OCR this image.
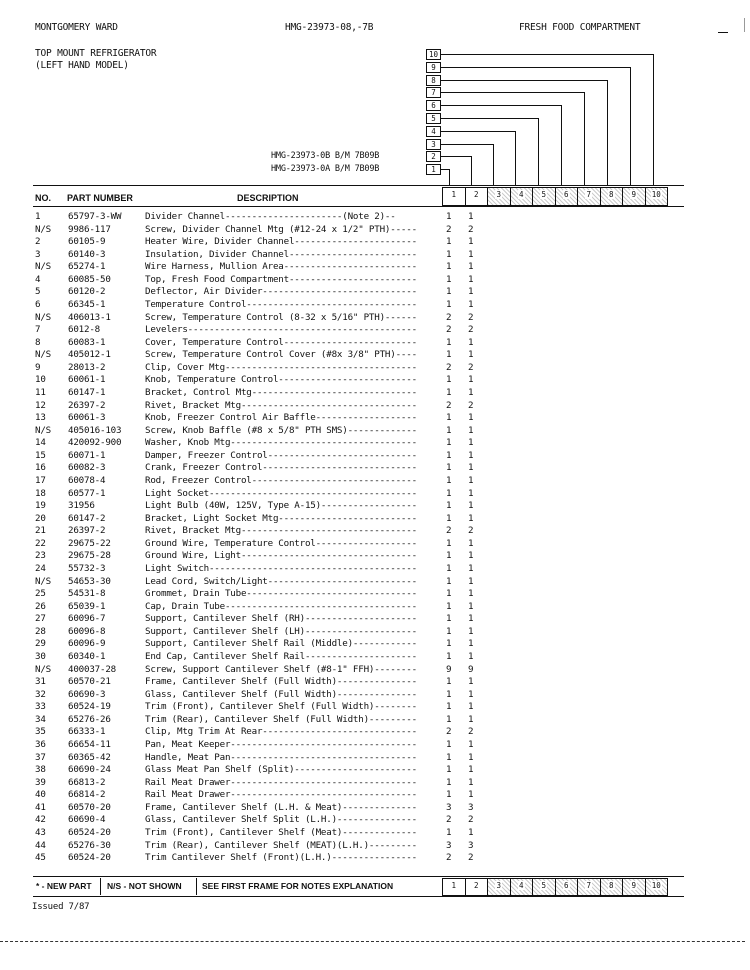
MONTGOMERY WARD	HMG-23973-08,-7B	FRESH FOOD COMPARTMENT
TOP MOUNT REFRIGERATOR
(LEFT HAND MODEL)
10
9
8
7
6
5
4
3
2
1
HMG-23973-0B B/M 7B09B
HMG-23973-0A B/M 7B09B
NO. PART NUMBER	DESCRIPTION	1	2	3	4	5	6	7	8	9	10
1	65797-3-WW	Divider Channel----------------------(Note 2)--	1	1
N/S	9986-117	Screw, Divider Channel Mtg (#12-24 x 1/2" PTH)-----	2	2
2	60105-9	Heater Wire, Divider Channel-----------------------	1	1
3	60140-3	Insulation, Divider Channel------------------------	1	1
N/S	65274-1	Wire Harness, Mullion Area-------------------------	1	1
4	60085-50	Top, Fresh Food Compartment------------------------	1	1
5	60120-2	Deflector, Air Divider-----------------------------	1	1
6	66345-1	Temperature Control--------------------------------	1	1
N/S	406013-1	Screw, Temperature Control (8-32 x 5/16" PTH)------	2	2
7	6012-8	Levelers-------------------------------------------	2	2
8	60083-1	Cover, Temperature Control-------------------------	1	1
N/S	405012-1	Screw, Temperature Control Cover (#8x 3/8" PTH)----	1	1
9	28013-2	Clip, Cover Mtg------------------------------------	2	2
10	60061-1	Knob, Temperature Control--------------------------	1	1
11	60147-1	Bracket, Control Mtg-------------------------------	1	1
12	26397-2	Rivet, Bracket Mtg---------------------------------	2	2
13	60061-3	Knob, Freezer Control Air Baffle-------------------	1	1
N/S	405016-103	Screw, Knob Baffle (#8 x 5/8" PTH SMS)-------------	1	1
14	420092-900	Washer, Knob Mtg-----------------------------------	1	1
15	60071-1	Damper, Freezer Control----------------------------	1	1
16	60082-3	Crank, Freezer Control-----------------------------	1	1
17	60078-4	Rod, Freezer Control-------------------------------	1	1
18	60577-1	Light Socket---------------------------------------	1	1
19	31956	Light Bulb (40W, 125V, Type A-15)------------------	1	1
20	60147-2	Bracket, Light Socket Mtg--------------------------	1	1
21	26397-2	Rivet, Bracket Mtg---------------------------------	2	2
22	29675-22	Ground Wire, Temperature Control-------------------	1	1
23	29675-28	Ground Wire, Light---------------------------------	1	1
24	55732-3	Light Switch---------------------------------------	1	1
N/S	54653-30	Lead Cord, Switch/Light----------------------------	1	1
25	54531-8	Grommet, Drain Tube--------------------------------	1	1
26	65039-1	Cap, Drain Tube------------------------------------	1	1
27	60096-7	Support, Cantilever Shelf (RH)---------------------	1	1
28	60096-8	Support, Cantilever Shelf (LH)---------------------	1	1
29	60096-9	Support, Cantilever Shelf Rail (Middle)------------	1	1
30	60340-1	End Cap, Cantilever Shelf Rail---------------------	1	1
N/S	400037-28	Screw, Support Cantilever Shelf (#8-1" FFH)--------	9	9
31	60570-21	Frame, Cantilever Shelf (Full Width)---------------	1	1
32	60690-3	Glass, Cantilever Shelf (Full Width)---------------	1	1
33	60524-19	Trim (Front), Cantilever Shelf (Full Width)--------	1	1
34	65276-26	Trim (Rear), Cantilever Shelf (Full Width)---------	1	1
35	66333-1	Clip, Mtg Trim At Rear-----------------------------	2	2
36	66654-11	Pan, Meat Keeper-----------------------------------	1	1
37	60365-42	Handle, Meat Pan-----------------------------------	1	1
38	60690-24	Glass Meat Pan Shelf (Split)-----------------------	1	1
39	66813-2	Rail Meat Drawer-----------------------------------	1	1
40	66814-2	Rail Meat Drawer-----------------------------------	1	1
41	60570-20	Frame, Cantilever Shelf (L.H. & Meat)--------------	3	3
42	60690-4	Glass, Cantilever Shelf Split (L.H.)---------------	2	2
43	60524-20	Trim (Front), Cantilever Shelf (Meat)--------------	1	1
44	65276-30	Trim (Rear), Cantilever Shelf (MEAT)(L.H.)---------	3	3
45	60524-20	Trim Cantilever Shelf (Front)(L.H.)----------------	2	2
* - NEW PART N/S - NOT SHOWN SEE FIRST FRAME FOR NOTES EXPLANATION	1	2	3	4	5	6	7	8	9	10
Issued 7/87
